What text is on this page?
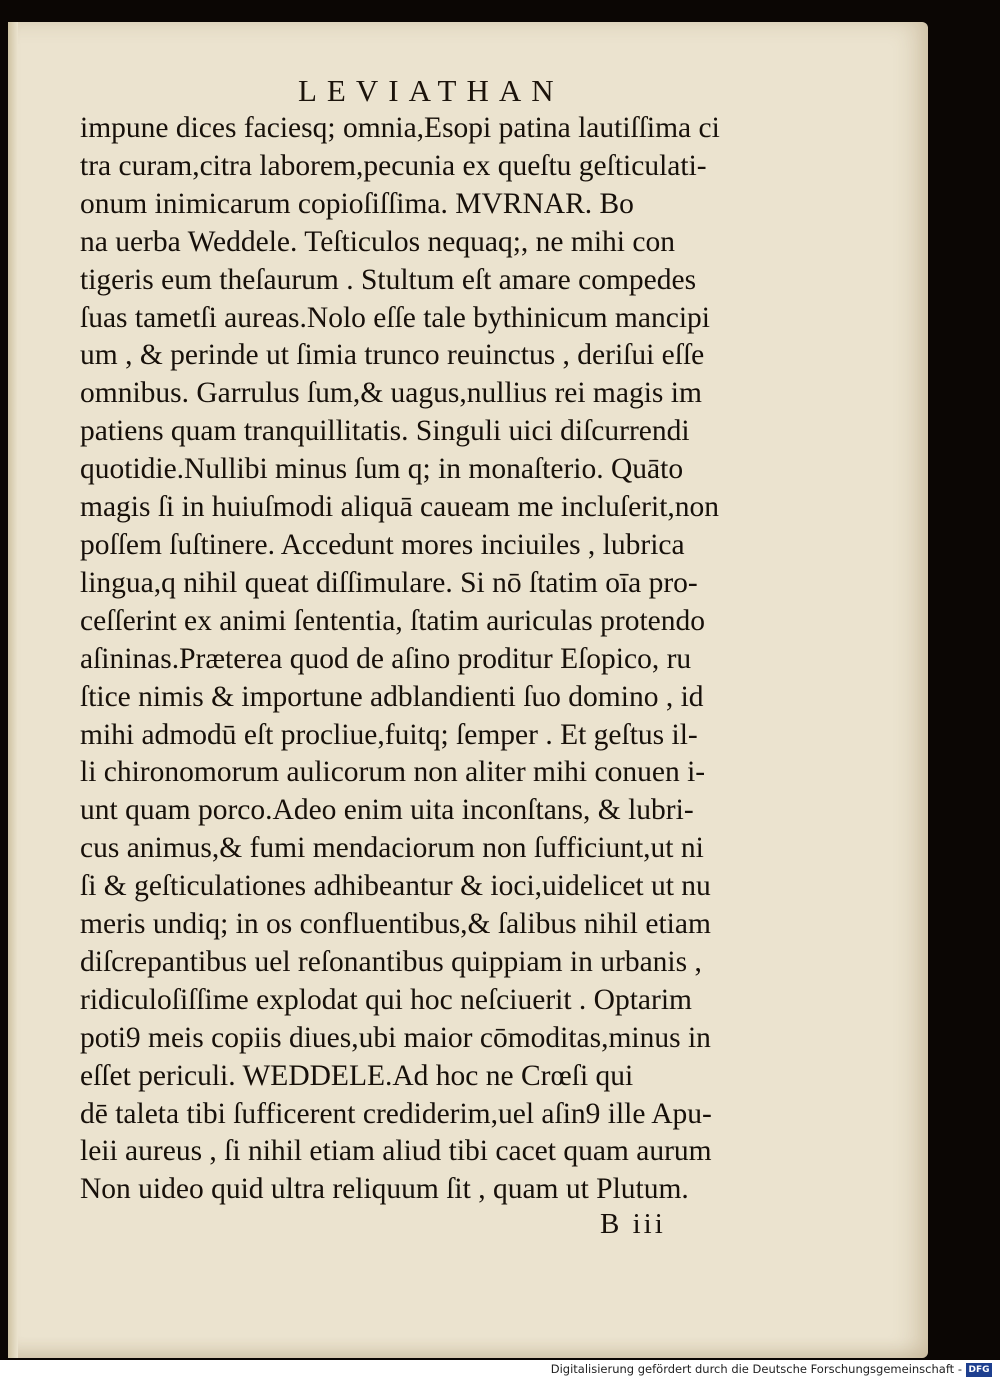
LEVIATHAN
impune dices faciesq; omnia,Esopi patina lautiſſima ci
tra curam,citra laborem,pecunia ex queſtu geſticulati-
onum inimicarum copioſiſſima. MVRNAR. Bo
na uerba Weddele. Teſticulos nequaq;, ne mihi con
tigeris eum theſaurum . Stultum eſt amare compedes
ſuas tametſi aureas.Nolo eſſe tale bythinicum mancipi
um , & perinde ut ſimia trunco reuinctus , deriſui eſſe
omnibus. Garrulus ſum,& uagus,nullius rei magis im
patiens quam tranquillitatis. Singuli uici diſcurrendi
quotidie.Nullibi minus ſum q; in monaſterio. Quāto
magis ſi in huiuſmodi aliquā caueam me incluſerit,non
poſſem ſuſtinere. Accedunt mores inciuiles , lubrica
lingua,q nihil queat diſſimulare. Si nō ſtatim oīa pro-
ceſſerint ex animi ſententia, ſtatim auriculas protendo
aſininas.Præterea quod de aſino proditur Eſopico, ru
ſtice nimis & importune adblandienti ſuo domino , id
mihi admodū eſt procliue,fuitq; ſemper . Et geſtus il-
li chironomorum aulicorum non aliter mihi conuen i-
unt quam porco.Adeo enim uita inconſtans, & lubri-
cus animus,& fumi mendaciorum non ſufficiunt,ut ni
ſi & geſticulationes adhibeantur & ioci,uidelicet ut nu
meris undiq; in os confluentibus,& ſalibus nihil etiam
diſcrepantibus uel reſonantibus quippiam in urbanis ,
ridiculoſiſſime explodat qui hoc neſciuerit . Optarim
poti9 meis copiis diues,ubi maior cōmoditas,minus in
eſſet periculi. WEDDELE.Ad hoc ne Crœſi qui
dē taleta tibi ſufficerent crediderim,uel aſin9 ille Apu-
leii aureus , ſi nihil etiam aliud tibi cacet quam aurum
Non uideo quid ultra reliquum ſit , quam ut Plutum.
B iii
Digitalisierung gefördert durch die Deutsche Forschungsgemeinschaft - DFG
